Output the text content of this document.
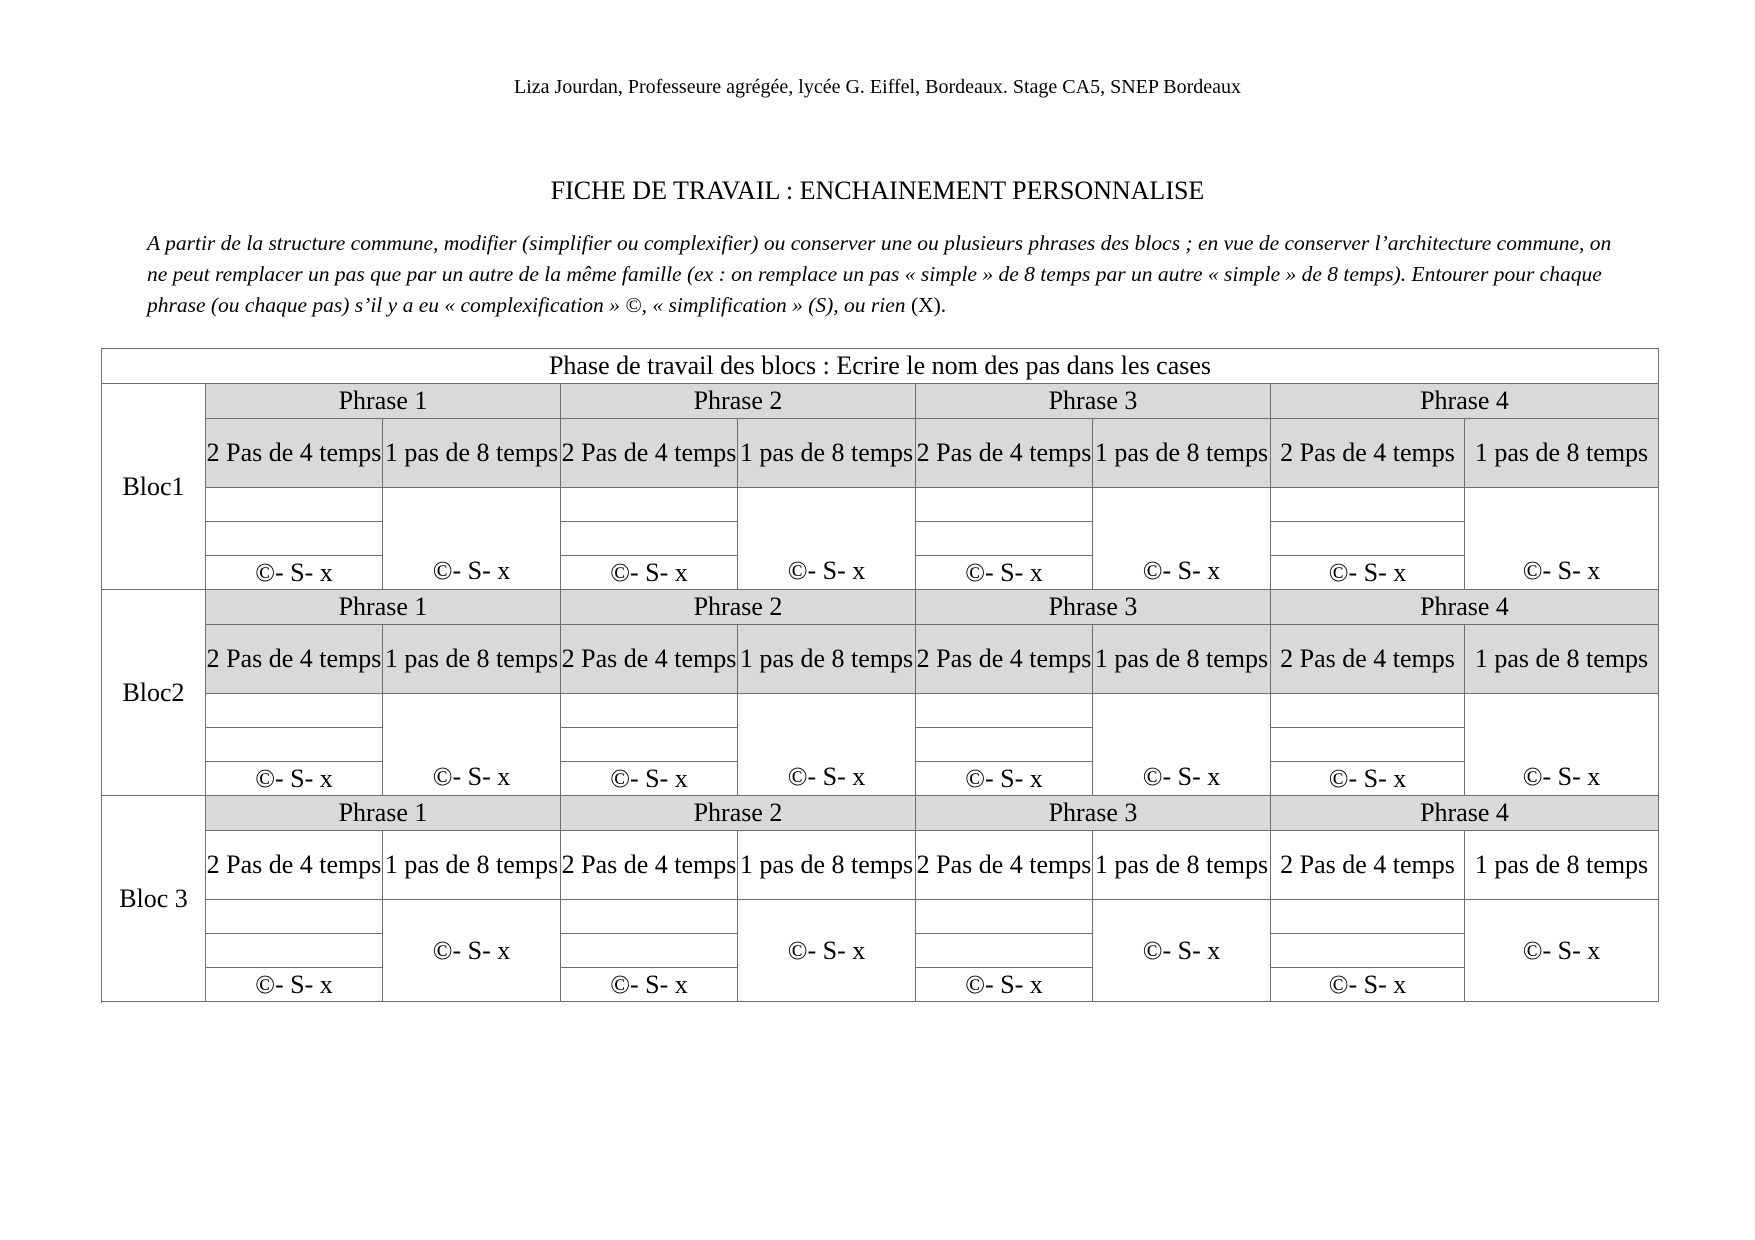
Liza Jourdan, Professeure agrégée, lycée G. Eiffel, Bordeaux. Stage CA5, SNEP Bordeaux
FICHE DE TRAVAIL : ENCHAINEMENT PERSONNALISE
A partir de la structure commune, modifier (simplifier ou complexifier) ou conserver une ou plusieurs phrases des blocs ; en vue de conserver l’architecture commune, on ne peut remplacer un pas que par un autre de la même famille (ex : on remplace un pas « simple » de 8 temps par un autre « simple » de 8 temps). Entourer pour chaque phrase (ou chaque pas) s’il y a eu « complexification » ©, « simplification » (S), ou rien (X).
Phase de travail des blocs : Ecrire le nom des pas dans les cases								
Bloc1	Phrase 1		Phrase 2		Phrase 3		Phrase 4	
	2 Pas de 4 temps	1 pas de 8 temps	2 Pas de 4 temps	1 pas de 8 temps	2 Pas de 4 temps	1 pas de 8 temps	2 Pas de 4 temps	1 pas de 8 temps
		©- S- x		©- S- x		©- S- x		©- S- x

	©- S- x		©- S- x		©- S- x		©- S- x	

Bloc2	Phrase 1		Phrase 2		Phrase 3		Phrase 4	
	2 Pas de 4 temps	1 pas de 8 temps	2 Pas de 4 temps	1 pas de 8 temps	2 Pas de 4 temps	1 pas de 8 temps	2 Pas de 4 temps	1 pas de 8 temps
		©- S- x		©- S- x		©- S- x		©- S- x

	©- S- x		©- S- x		©- S- x		©- S- x	

Bloc 3	Phrase 1		Phrase 2		Phrase 3		Phrase 4	
	2 Pas de 4 temps	1 pas de 8 temps	2 Pas de 4 temps	1 pas de 8 temps	2 Pas de 4 temps	1 pas de 8 temps	2 Pas de 4 temps	1 pas de 8 temps
		©- S- x		©- S- x		©- S- x		©- S- x

	©- S- x		©- S- x		©- S- x		©- S- x	
